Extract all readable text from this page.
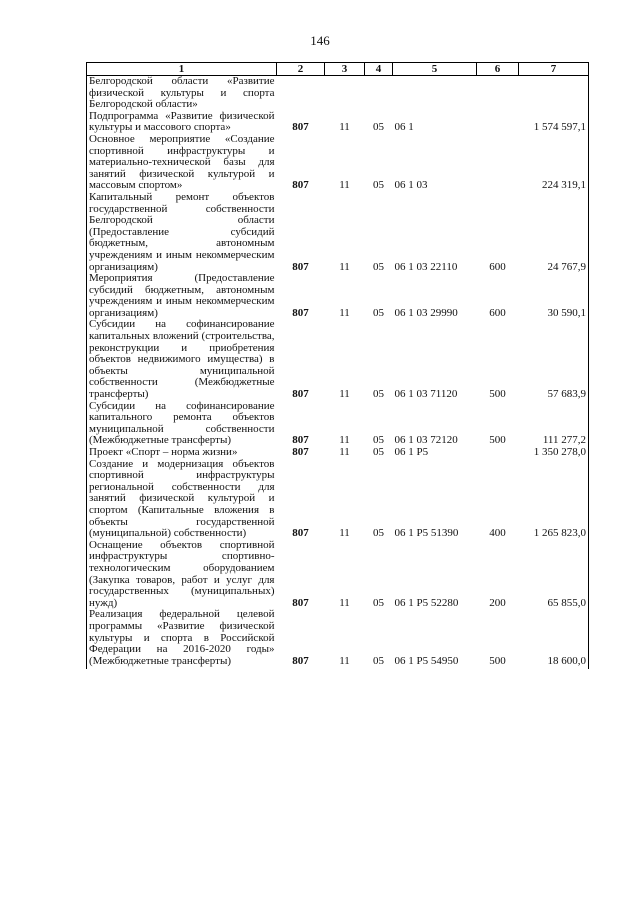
146
1	2	3	4	5	6	7
Белгородской области «Развитие физической культуры и спорта Белгородской области»						
Подпрограмма «Развитие физической культуры и массового спорта»	807	11	05	06 1		1 574 597,1
Основное мероприятие «Создание спортивной инфраструктуры и материально-технической базы для занятий физической культурой и массовым спортом»	807	11	05	06 1 03		224 319,1
Капитальный ремонт объектов государственной собственности Белгородской области (Предоставление субсидий бюджетным, автономным учреждениям и иным некоммерческим организациям)	807	11	05	06 1 03 22110	600	24 767,9
Мероприятия (Предоставление субсидий бюджетным, автономным учреждениям и иным некоммерческим организациям)	807	11	05	06 1 03 29990	600	30 590,1
Субсидии на софинансирование капитальных вложений (строительства, реконструкции и приобретения объектов недвижимого имущества) в объекты муниципальной собственности (Межбюджетные трансферты)	807	11	05	06 1 03 71120	500	57 683,9
Субсидии на софинансирование капитального ремонта объектов муниципальной собственности (Межбюджетные трансферты)	807	11	05	06 1 03 72120	500	111 277,2
Проект «Спорт – норма жизни»	807	11	05	06 1 P5		1 350 278,0
Создание и модернизация объектов спортивной инфраструктуры региональной собственности для занятий физической культурой и спортом (Капитальные вложения в объекты государственной (муниципальной) собственности)	807	11	05	06 1 P5 51390	400	1 265 823,0
Оснащение объектов спортивной инфраструктуры спортивно-технологическим оборудованием (Закупка товаров, работ и услуг для государственных (муниципальных) нужд)	807	11	05	06 1 P5 52280	200	65 855,0
Реализация федеральной целевой программы «Развитие физической культуры и спорта в Российской Федерации на 2016-2020 годы» (Межбюджетные трансферты)	807	11	05	06 1 P5 54950	500	18 600,0
